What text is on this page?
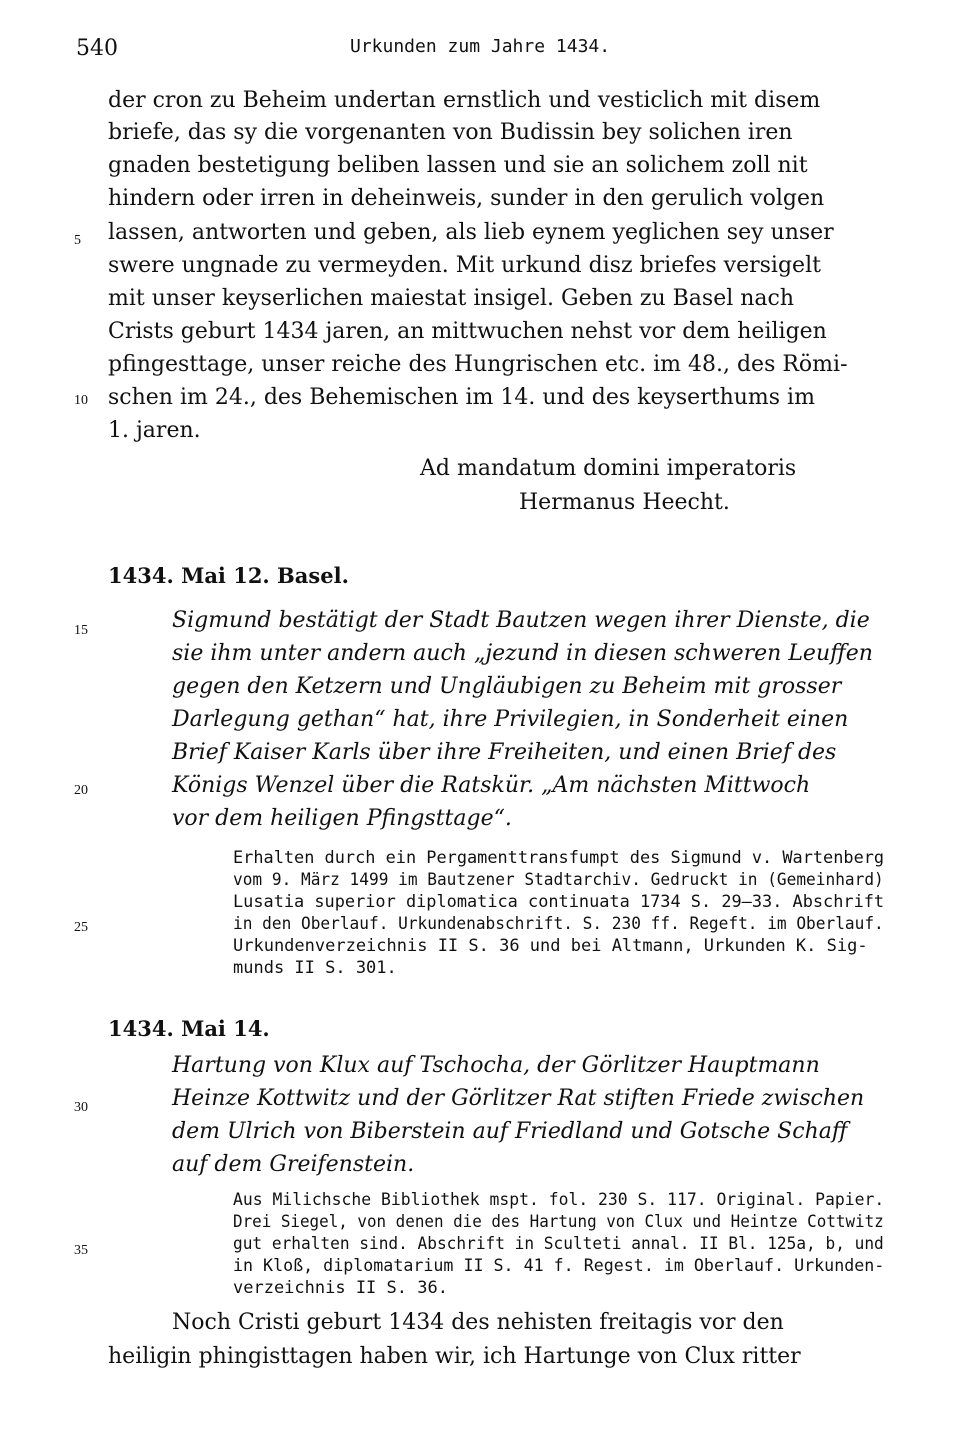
540	Urkunden zum Jahre 1434.
5
10
15
20
25
30
35
der cron zu Beheim undertan ernstlich und vesticlich mit disem
briefe, das sy die vorgenanten von Budissin bey solichen iren
gnaden bestetigung beliben lassen und sie an solichem zoll nit
hindern oder irren in deheinweis, sunder in den gerulich volgen
lassen, antworten und geben, als lieb eynem yeglichen sey unser
swere ungnade zu vermeyden. Mit urkund disz briefes versigelt
mit unser keyserlichen maiestat insigel. Geben zu Basel nach
Crists geburt 1434 jaren, an mittwuchen nehst vor dem heiligen
pfingesttage, unser reiche des Hungrischen etc. im 48., des Römi-
schen im 24., des Behemischen im 14. und des keyserthums im
1. jaren.
Ad mandatum domini imperatoris
Hermanus Heecht.
1434. Mai 12. Basel.
Sigmund bestätigt der Stadt Bautzen wegen ihrer Dienste, die
sie ihm unter andern auch „jezund in diesen schweren Leuffen
gegen den Ketzern und Ungläubigen zu Beheim mit grosser
Darlegung gethan“ hat, ihre Privilegien, in Sonderheit einen
Brief Kaiser Karls über ihre Freiheiten, und einen Brief des
Königs Wenzel über die Ratskür. „Am nächsten Mittwoch
vor dem heiligen Pfingsttage“.
Erhalten durch ein Pergamenttransfumpt des Sigmund v. Wartenberg
vom 9. März 1499 im Bautzener Stadtarchiv. Gedruckt in (Gemeinhard)
Lusatia superior diplomatica continuata 1734 S. 29—33. Abschrift
in den Oberlauf. Urkundenabschrift. S. 230 ff. Regeft. im Oberlauf.
Urkundenverzeichnis II S. 36 und bei Altmann, Urkunden K. Sig-
munds II S. 301.
1434. Mai 14.
Hartung von Klux auf Tschocha, der Görlitzer Hauptmann
Heinze Kottwitz und der Görlitzer Rat stiften Friede zwischen
dem Ulrich von Biberstein auf Friedland und Gotsche Schaff
auf dem Greifenstein.
Aus Milichsche Bibliothek mspt. fol. 230 S. 117. Original. Papier.
Drei Siegel, von denen die des Hartung von Clux und Heintze Cottwitz
gut erhalten sind. Abschrift in Sculteti annal. II Bl. 125a, b, und
in Kloß, diplomatarium II S. 41 f. Regest. im Oberlauf. Urkunden-
verzeichnis II S. 36.
Noch Cristi geburt 1434 des nehisten freitagis vor den
heiligin phingisttagen haben wir, ich Hartunge von Clux ritter
